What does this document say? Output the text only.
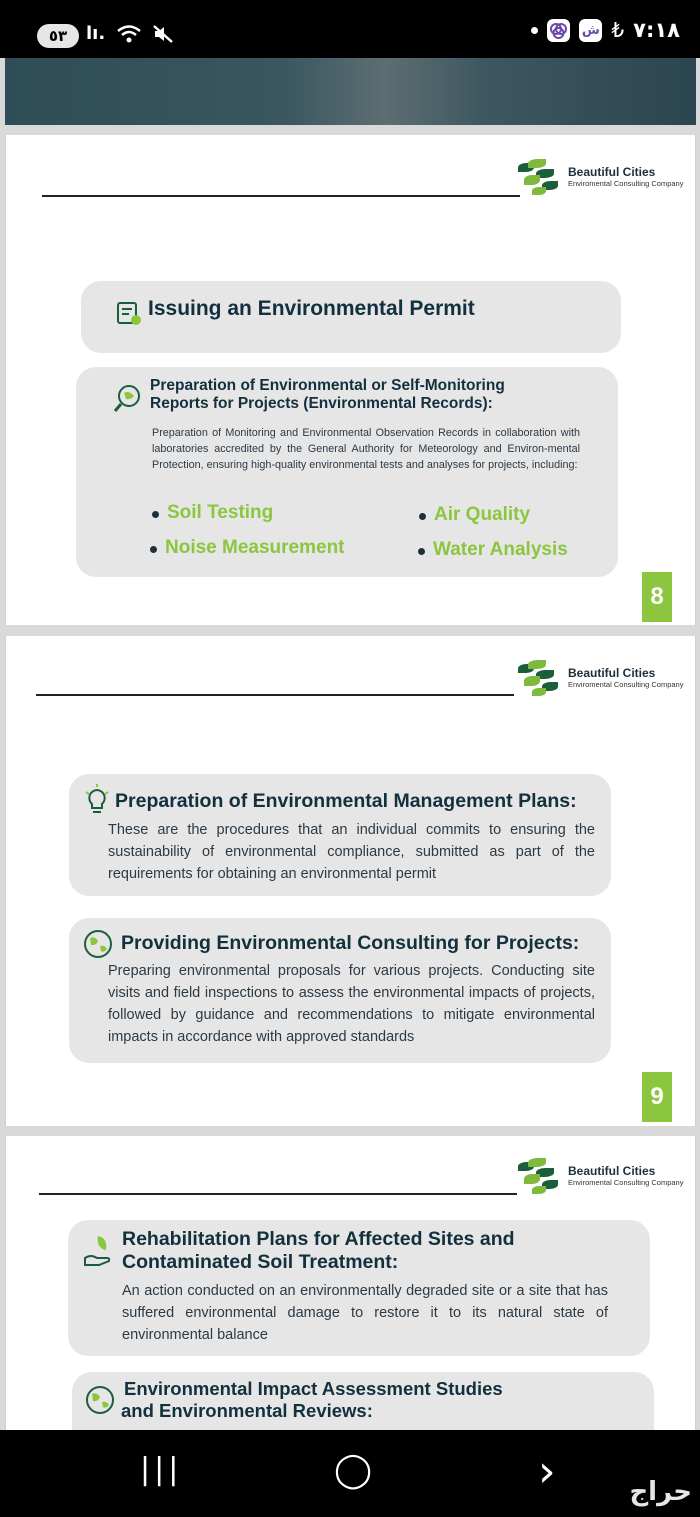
٥٣	lı.	ش ₺ ٧:١٨
Beautiful Cities
Enviromental Consulting Company
Issuing an Environmental Permit
Preparation of Environmental or Self-Monitoring
Reports for Projects (Environmental Records):
Preparation of Monitoring and Environmental Observation Records in collaboration with laboratories accredited by the General Authority for Meteorology and Environ-mental Protection, ensuring high-quality environmental tests and analyses for projects, including:
Soil Testing	Air Quality
Noise Measurement	Water Analysis
8
Beautiful Cities
Enviromental Consulting Company
Preparation of Environmental Management Plans:
These are the procedures that an individual commits to ensuring the sustainability of environmental compliance, submitted as part of the requirements for obtaining an environmental permit
Providing Environmental Consulting for Projects:
Preparing environmental proposals for various projects. Conducting site visits and field inspections to assess the environmental impacts of projects, followed by guidance and recommendations to mitigate environmental impacts in accordance with approved standards
9
Beautiful Cities
Enviromental Consulting Company
Rehabilitation Plans for Affected Sites and
Contaminated Soil Treatment:
An action conducted on an environmentally degraded site or a site that has suffered environmental damage to restore it to its natural state of environmental balance
Environmental Impact Assessment Studies
and Environmental Reviews:
|||	◯	›	حراج
